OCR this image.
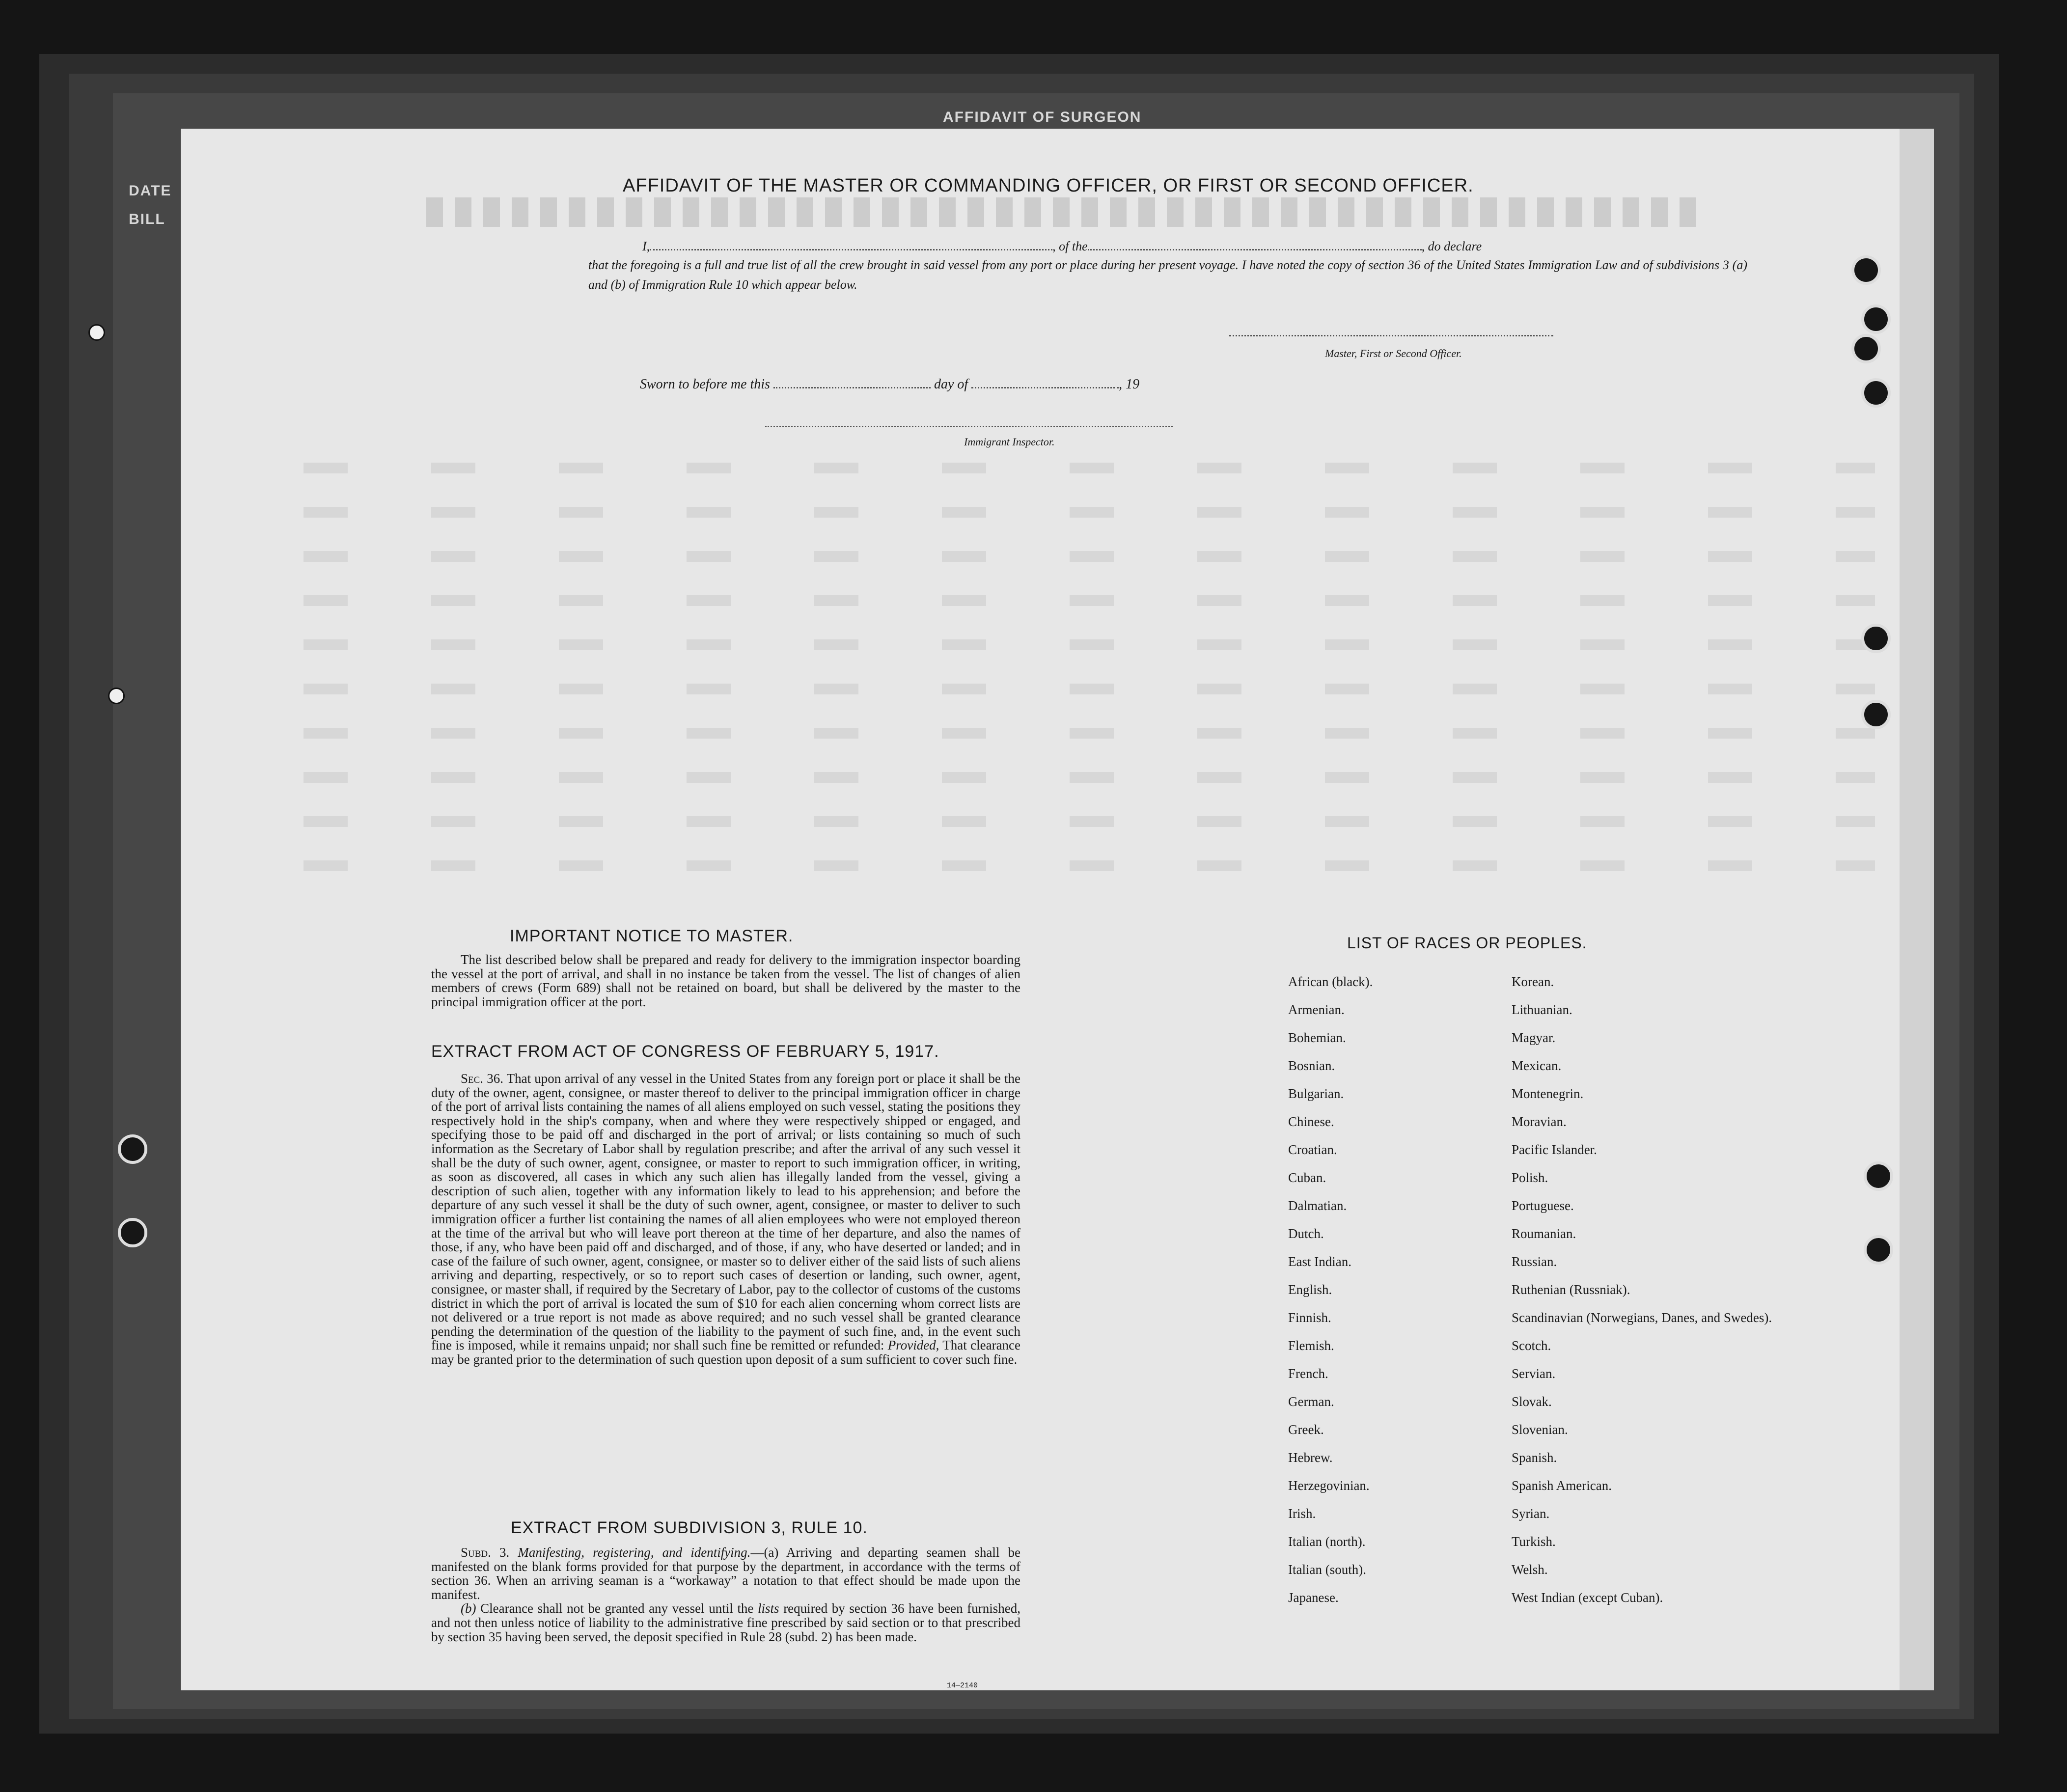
AFFIDAVIT OF SURGEON
DATE
BILL
AFFIDAVIT OF THE MASTER OR COMMANDING OFFICER, OR FIRST OR SECOND OFFICER.
I,	, of the	, do declare
that the foregoing is a full and true list of all the crew brought in said vessel from any port or place during her present voyage. I have noted the copy of section 36 of the United States Immigration Law and of subdivisions 3 (a) and (b) of Immigration Rule 10 which appear below.
Master, First or Second Officer.
Sworn to before me this	day of	, 19
Immigrant Inspector.
IMPORTANT NOTICE TO MASTER.
The list described below shall be prepared and ready for delivery to the immigration inspector boarding the vessel at the port of arrival, and shall in no instance be taken from the vessel. The list of changes of alien members of crews (Form 689) shall not be retained on board, but shall be delivered by the master to the principal immigration officer at the port.
EXTRACT FROM ACT OF CONGRESS OF FEBRUARY 5, 1917.
Sec. 36. That upon arrival of any vessel in the United States from any foreign port or place it shall be the duty of the owner, agent, consignee, or master thereof to deliver to the principal immigration officer in charge of the port of arrival lists containing the names of all aliens employed on such vessel, stating the positions they respectively hold in the ship's company, when and where they were respectively shipped or engaged, and specifying those to be paid off and discharged in the port of arrival; or lists containing so much of such information as the Secretary of Labor shall by regulation prescribe; and after the arrival of any such vessel it shall be the duty of such owner, agent, consignee, or master to report to such immigration officer, in writing, as soon as discovered, all cases in which any such alien has illegally landed from the vessel, giving a description of such alien, together with any information likely to lead to his apprehension; and before the departure of any such vessel it shall be the duty of such owner, agent, consignee, or master to deliver to such immigration officer a further list containing the names of all alien employees who were not employed thereon at the time of the arrival but who will leave port thereon at the time of her departure, and also the names of those, if any, who have been paid off and discharged, and of those, if any, who have deserted or landed; and in case of the failure of such owner, agent, consignee, or master so to deliver either of the said lists of such aliens arriving and departing, respectively, or so to report such cases of desertion or landing, such owner, agent, consignee, or master shall, if required by the Secretary of Labor, pay to the collector of customs of the customs district in which the port of arrival is located the sum of $10 for each alien concerning whom correct lists are not delivered or a true report is not made as above required; and no such vessel shall be granted clearance pending the determination of the question of the liability to the payment of such fine, and, in the event such fine is imposed, while it remains unpaid; nor shall such fine be remitted or refunded: Provided, That clearance may be granted prior to the determination of such question upon deposit of a sum sufficient to cover such fine.
EXTRACT FROM SUBDIVISION 3, RULE 10.

Subd. 3. Manifesting, registering, and identifying.—(a) Arriving and departing seamen shall be manifested on the blank forms provided for that purpose by the department, in accordance with the terms of section 36. When an arriving seaman is a “workaway” a notation to that effect should be made upon the manifest.

(b) Clearance shall not be granted any vessel until the lists required by section 36 have been furnished, and not then unless notice of liability to the administrative fine prescribed by said section or to that prescribed by section 35 having been served, the deposit specified in Rule 28 (subd. 2) has been made.

14—2140
LIST OF RACES OR PEOPLES.
African (black).
Armenian.
Bohemian.
Bosnian.
Bulgarian.
Chinese.
Croatian.
Cuban.
Dalmatian.
Dutch.
East Indian.
English.
Finnish.
Flemish.
French.
German.
Greek.
Hebrew.
Herzegovinian.
Irish.
Italian (north).
Italian (south).
Japanese.
Korean.
Lithuanian.
Magyar.
Mexican.
Montenegrin.
Moravian.
Pacific Islander.
Polish.
Portuguese.
Roumanian.
Russian.
Ruthenian (Russniak).
Scandinavian (Norwegians, Danes, and Swedes).
Scotch.
Servian.
Slovak.
Slovenian.
Spanish.
Spanish American.
Syrian.
Turkish.
Welsh.
West Indian (except Cuban).
